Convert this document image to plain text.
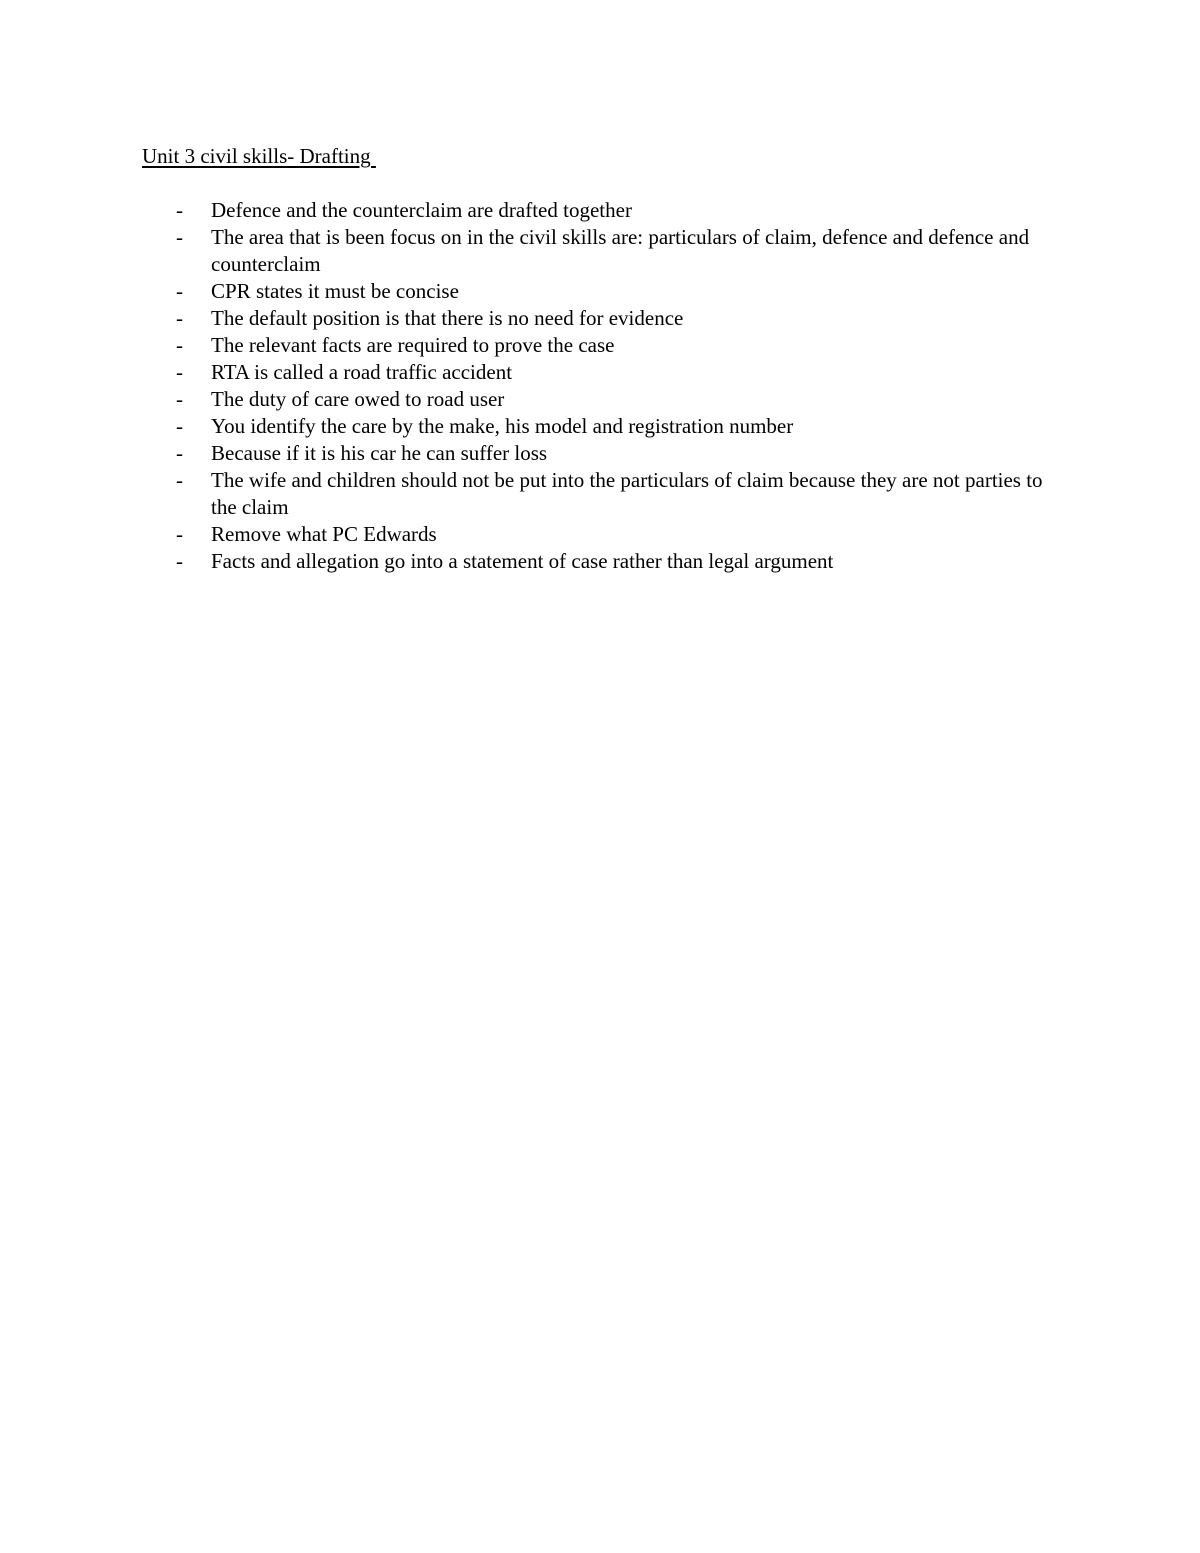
Unit 3 civil skills- Drafting
- Defence and the counterclaim are drafted together
- The area that is been focus on in the civil skills are: particulars of claim, defence and defence and counterclaim
- CPR states it must be concise
- The default position is that there is no need for evidence
- The relevant facts are required to prove the case
- RTA is called a road traffic accident
- The duty of care owed to road user
- You identify the care by the make, his model and registration number
- Because if it is his car he can suffer loss
- The wife and children should not be put into the particulars of claim because they are not parties to the claim
- Remove what PC Edwards
- Facts and allegation go into a statement of case rather than legal argument
